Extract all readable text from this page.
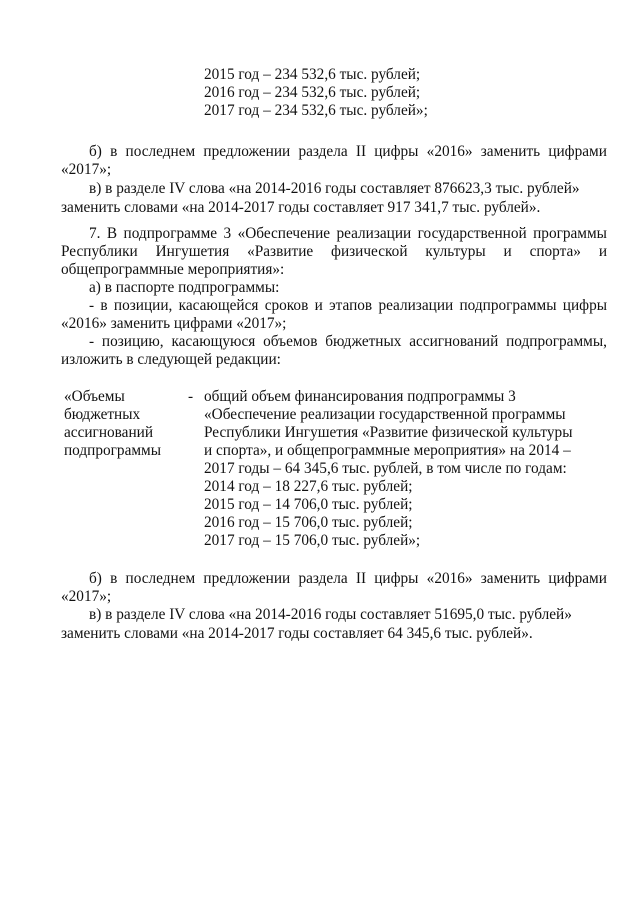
2015 год – 234 532,6 тыс. рублей;
2016 год – 234 532,6 тыс. рублей;
2017 год – 234 532,6 тыс. рублей»;
б) в последнем предложении раздела II цифры «2016» заменить цифрами
«2017»;
в) в разделе IV слова «на 2014-2016 годы составляет 876623,3 тыс. рублей»
заменить словами «на 2014-2017 годы составляет 917 341,7 тыс. рублей».
7. В подпрограмме 3 «Обеспечение реализации государственной программы
Республики Ингушетия «Развитие физической культуры и спорта» и
общепрограммные мероприятия»:
а) в паспорте подпрограммы:
- в позиции, касающейся сроков и этапов реализации подпрограммы цифры
«2016» заменить цифрами «2017»;
- позицию, касающуюся объемов бюджетных ассигнований подпрограммы,
изложить в следующей редакции:
«Объемы
бюджетных
ассигнований
подпрограммы
- общий объем финансирования подпрограммы 3
«Обеспечение реализации государственной программы
Республики Ингушетия «Развитие физической культуры
и спорта», и общепрограммные мероприятия» на 2014 –
2017 годы – 64 345,6 тыс. рублей, в том числе по годам:
2014 год – 18 227,6 тыс. рублей;
2015 год – 14 706,0 тыс. рублей;
2016 год – 15 706,0 тыс. рублей;
2017 год – 15 706,0 тыс. рублей»;
б) в последнем предложении раздела II цифры «2016» заменить цифрами
«2017»;
в) в разделе IV слова «на 2014-2016 годы составляет 51695,0 тыс. рублей»
заменить словами «на 2014-2017 годы составляет 64 345,6 тыс. рублей».
